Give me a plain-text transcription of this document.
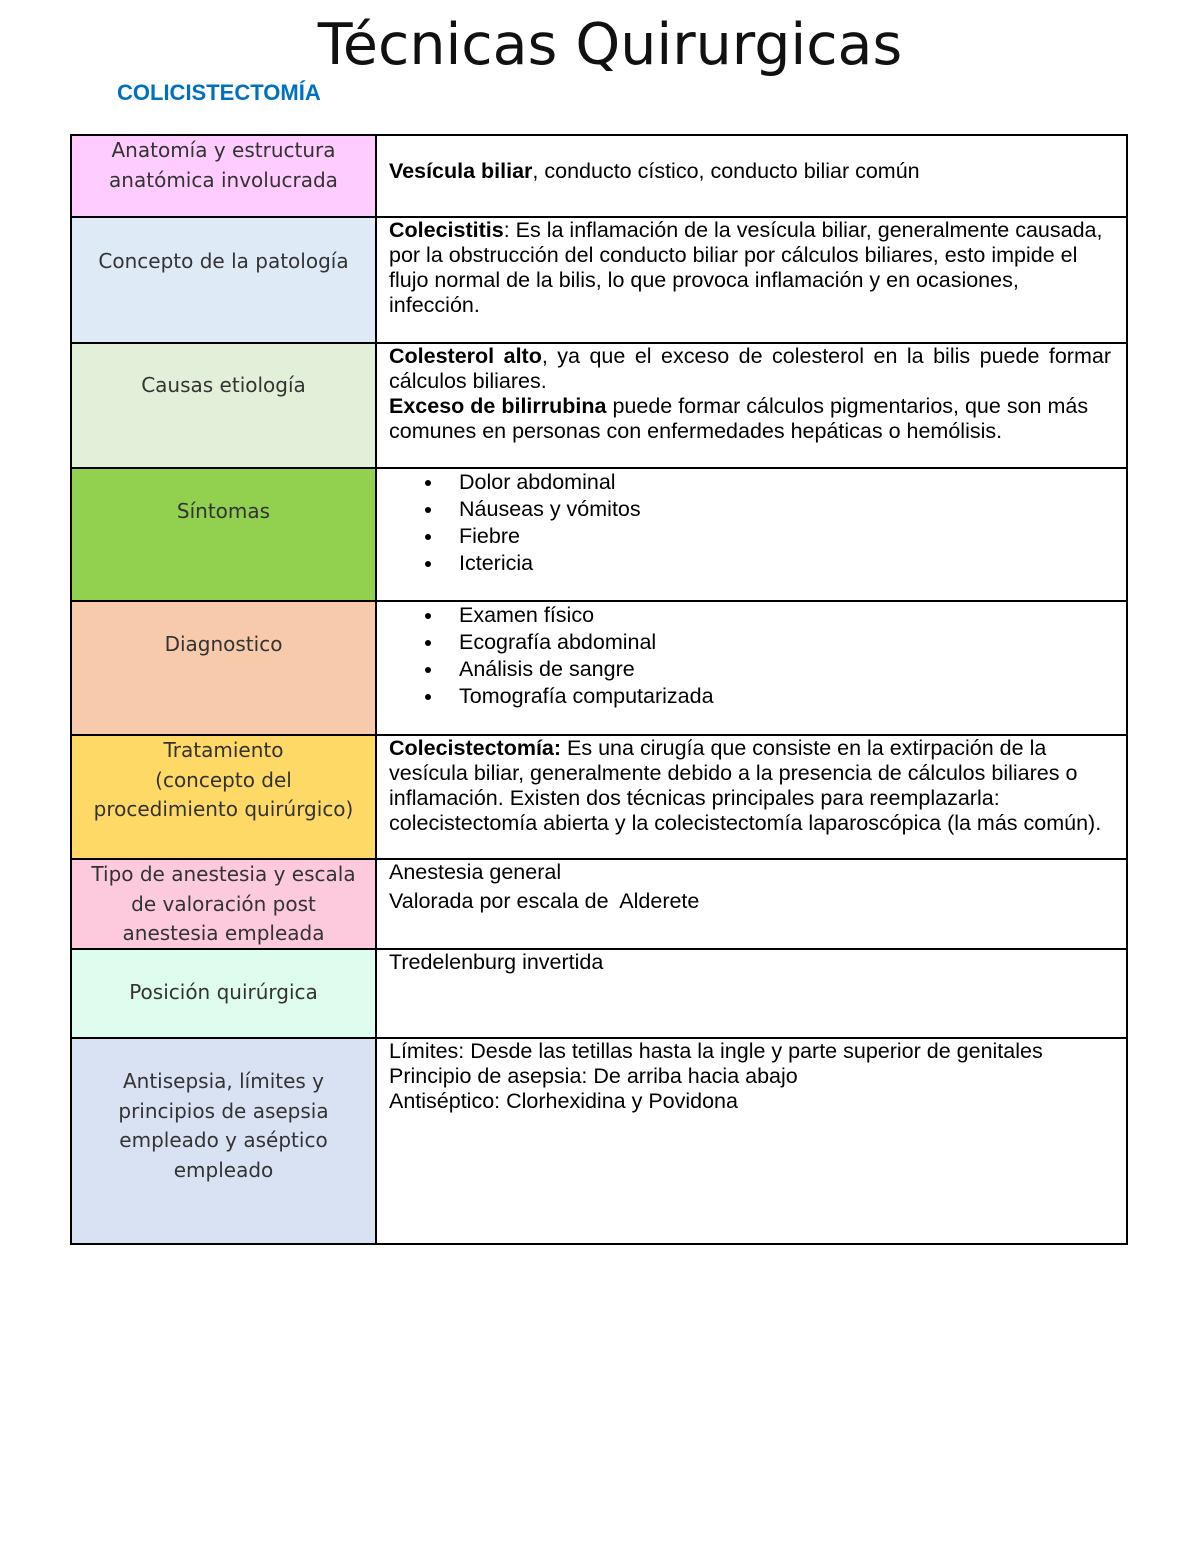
Técnicas Quirurgicas
COLICISTECTOMÍA
Anatomía y estructura
anatómica involucrada Vesícula biliar, conducto cístico, conducto biliar común

Concepto de la patología

Colecistitis: Es la inflamación de la vesícula biliar, generalmente causada, por la obstrucción del conducto biliar por cálculos biliares, esto impide el flujo normal de la bilis, lo que provoca inflamación y en ocasiones, infección.

Causas etiología

Colesterol alto, ya que el exceso de colesterol en la bilis puede formar cálculos biliares.

Exceso de bilirrubina puede formar cálculos pigmentarios, que son más comunes en personas con enfermedades hepáticas o hemólisis.

Síntomas
Dolor abdominal
Náuseas y vómitos
Fiebre
Ictericia
Diagnostico
Examen físico
Ecografía abdominal
Análisis de sangre
Tomografía computarizada
Tratamiento
(concepto del
procedimiento quirúrgico)

Colecistectomía: Es una cirugía que consiste en la extirpación de la vesícula biliar, generalmente debido a la presencia de cálculos biliares o inflamación. Existen dos técnicas principales para reemplazarla: colecistectomía abierta y la colecistectomía laparoscópica (la más común).

Tipo de anestesia y escala
de valoración post
anestesia empleada

Anestesia general

Valorada por escala de  Alderete

Posición quirúrgica

Tredelenburg invertida

Antisepsia, límites y
principios de asepsia
empleado y aséptico
empleado

Límites: Desde las tetillas hasta la ingle y parte superior de genitales

Principio de asepsia: De arriba hacia abajo

Antiséptico: Clorhexidina y Povidona
